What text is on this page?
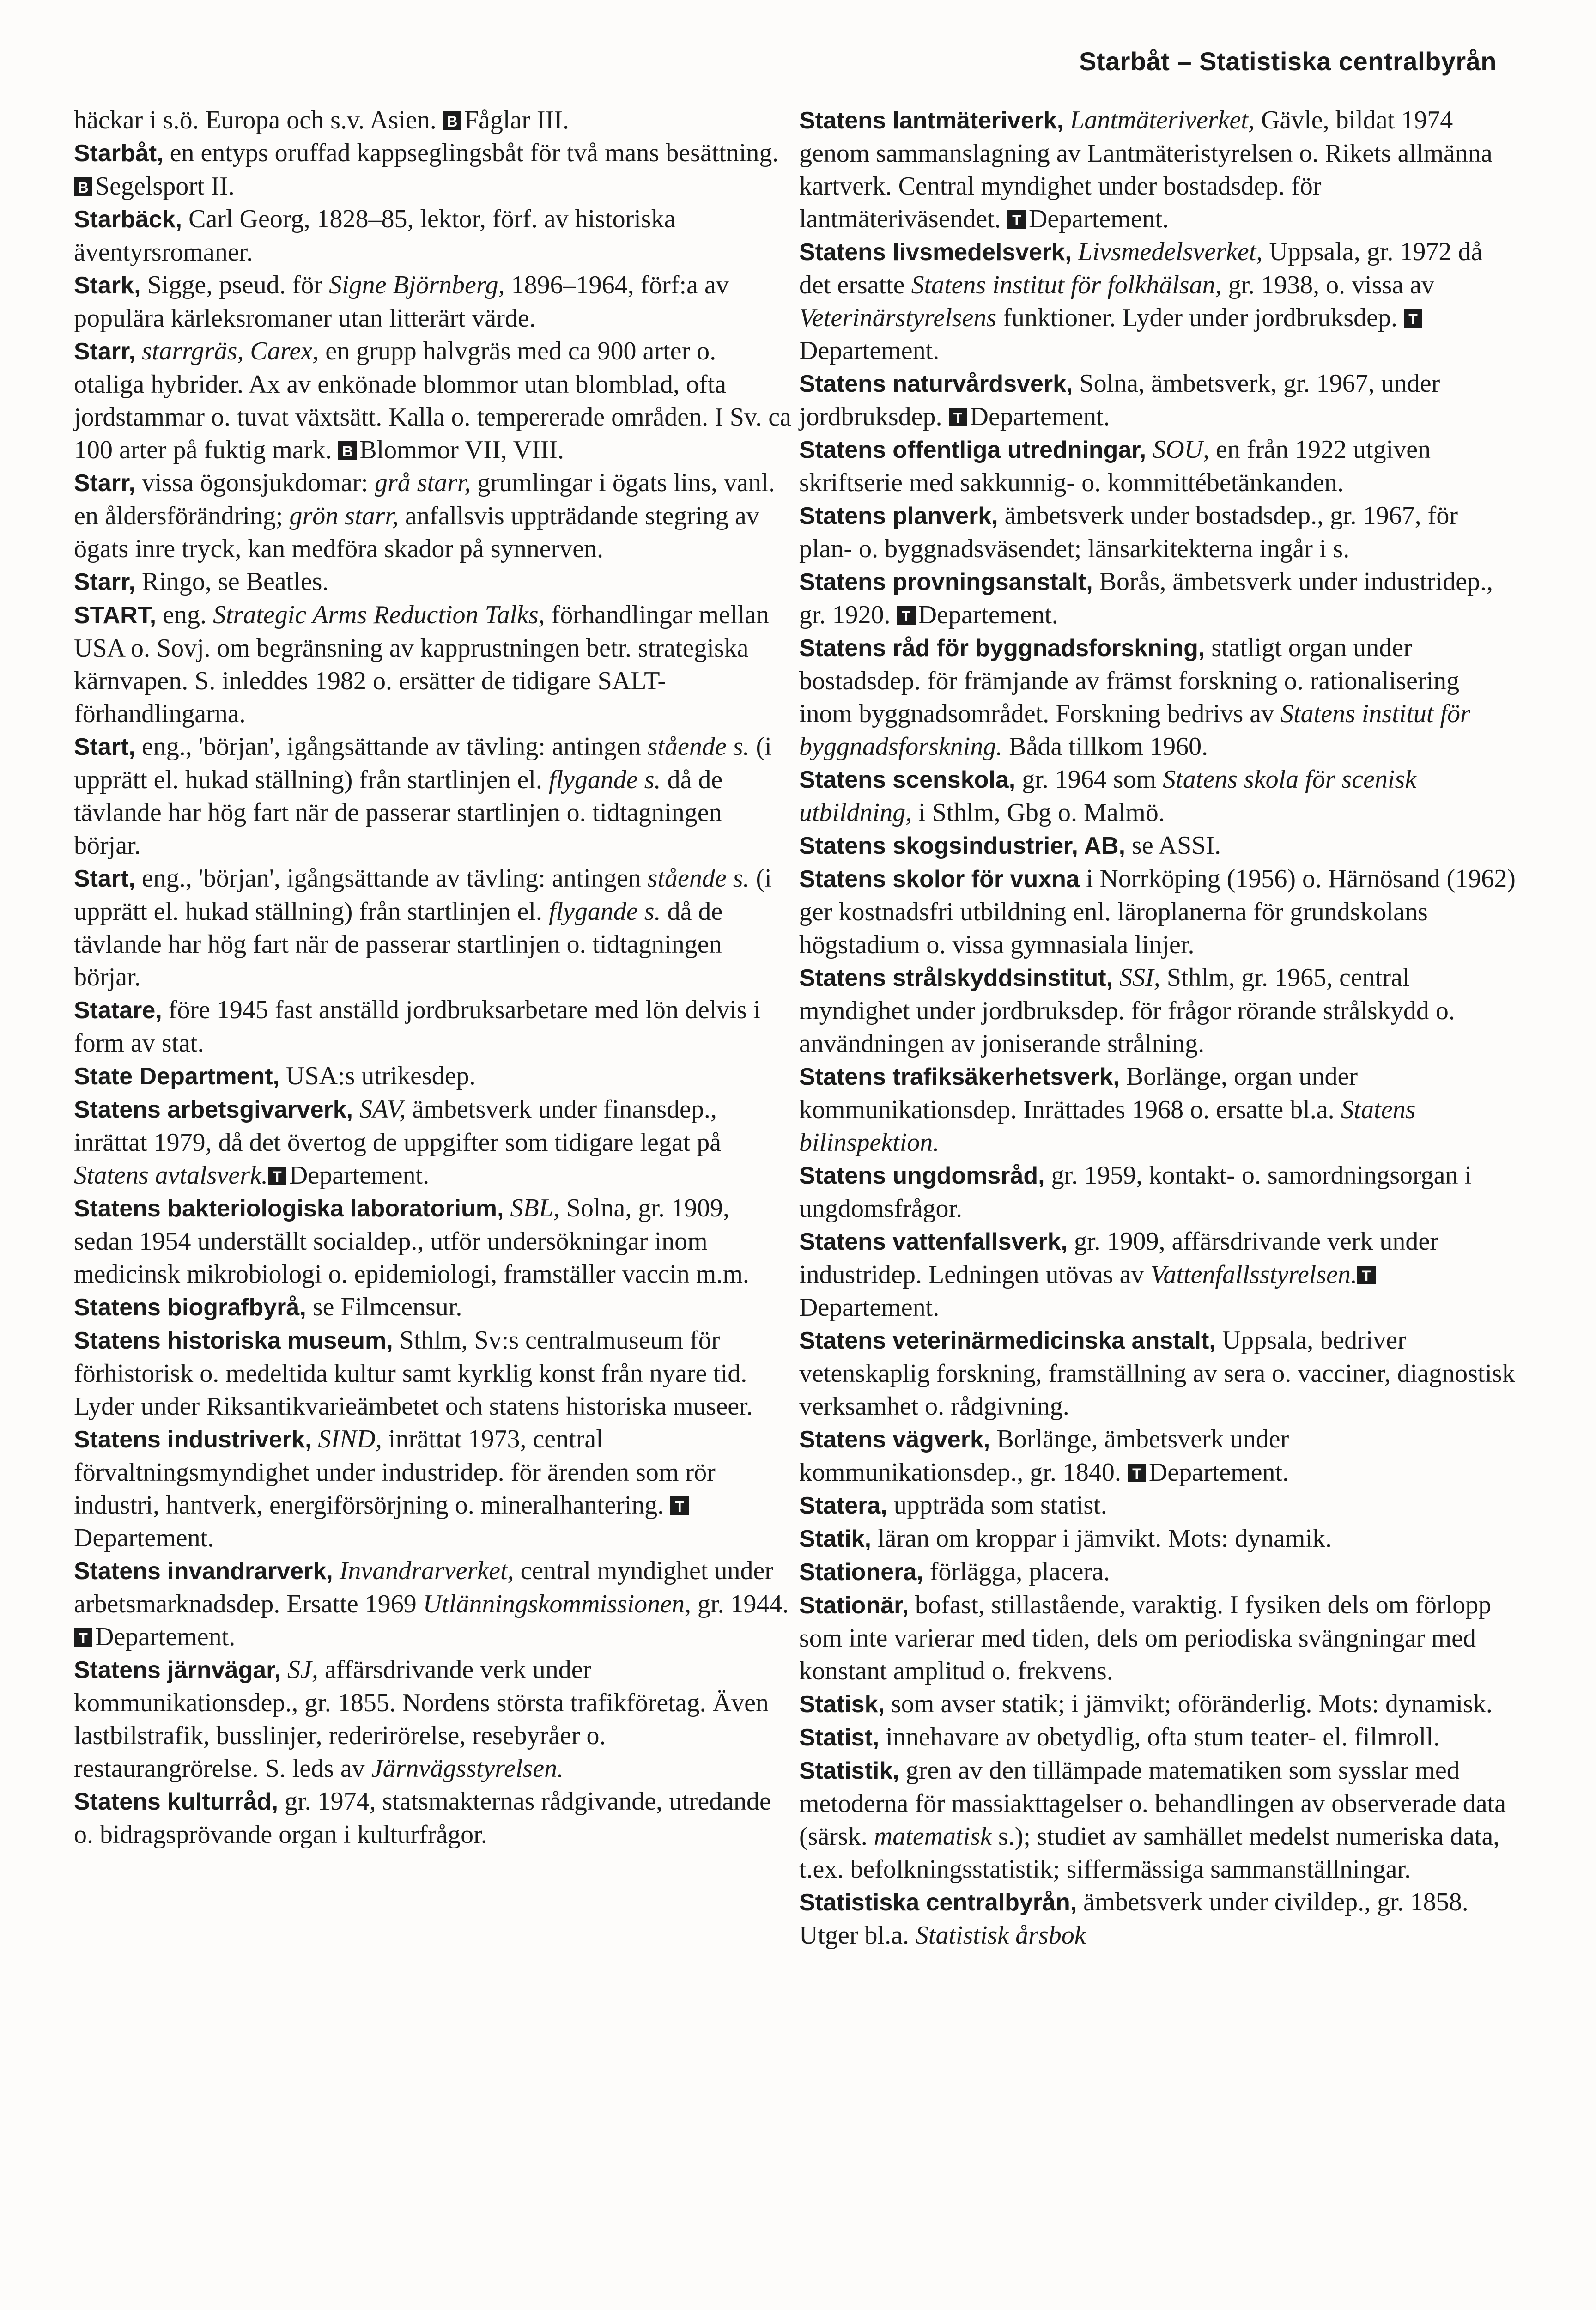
Starbåt – Statistiska centralbyrån

häckar i s.ö. Europa och s.v. Asien. B Fåglar III.

Starbåt, en entyps oruffad kappseglingsbåt för två mans besättning. B Segelsport II.

Starbäck, Carl Georg, 1828–85, lektor, förf. av historiska äventyrsromaner.

Stark, Sigge, pseud. för Signe Björnberg, 1896–1964, förf:a av populära kärleksromaner utan litterärt värde.

Starr, starrgräs, Carex, en grupp halvgräs med ca 900 arter o. otaliga hybrider. Ax av enkönade blommor utan blomblad, ofta jordstammar o. tuvat växtsätt. Kalla o. tempererade områden. I Sv. ca 100 arter på fuktig mark. B Blommor VII, VIII.

Starr, vissa ögonsjukdomar: grå starr, grumlingar i ögats lins, vanl. en åldersförändring; grön starr, anfallsvis uppträdande stegring av ögats inre tryck, kan medföra skador på synnerven.

Starr, Ringo, se Beatles.

START, eng. Strategic Arms Reduction Talks, förhandlingar mellan USA o. Sovj. om begränsning av kapprustningen betr. strategiska kärnvapen. S. inleddes 1982 o. ersätter de tidigare SALT-förhandlingarna.

Start, eng., 'början', igångsättande av tävling: antingen stående s. (i upprätt el. hukad ställning) från startlinjen el. flygande s. då de tävlande har hög fart när de passerar startlinjen o. tidtagningen börjar.

Start, eng., 'början', igångsättande av tävling: antingen stående s. (i upprätt el. hukad ställning) från startlinjen el. flygande s. då de tävlande har hög fart när de passerar startlinjen o. tidtagningen börjar.

Statare, före 1945 fast anställd jordbruksarbetare med lön delvis i form av stat.

State Department, USA:s utrikesdep.

Statens arbetsgivarverk, SAV, ämbetsverk under finansdep., inrättat 1979, då det övertog de uppgifter som tidigare legat på Statens avtalsverk. T Departement.

Statens bakteriologiska laboratorium, SBL, Solna, gr. 1909, sedan 1954 underställt socialdep., utför undersökningar inom medicinsk mikrobiologi o. epidemiologi, framställer vaccin m.m.

Statens biografbyrå, se Filmcensur.

Statens historiska museum, Sthlm, Sv:s centralmuseum för förhistorisk o. medeltida kultur samt kyrklig konst från nyare tid. Lyder under Riksantikvarieämbetet och statens historiska museer.

Statens industriverk, SIND, inrättat 1973, central förvaltningsmyndighet under industridep. för ärenden som rör industri, hantverk, energiförsörjning o. mineralhantering. TDepartement.

Statens invandrarverk, Invandrarverket, central myndighet under arbetsmarknadsdep. Ersatte 1969 Utlänningskommissionen, gr. 1944. T Departement.

Statens järnvägar, SJ, affärsdrivande verk under kommunikationsdep., gr. 1855. Nordens största trafikföretag. Även lastbilstrafik, busslinjer, rederirörelse, resebyråer o. restaurangrörelse. S. leds av Järnvägsstyrelsen.

Statens kulturråd, gr. 1974, statsmakternas rådgivande, utredande o. bidragsprövande organ i kulturfrågor.

Statens lantmäteriverk, Lantmäteriverket, Gävle, bildat 1974 genom sammanslagning av Lantmäteristyrelsen o. Rikets allmänna kartverk. Central myndighet under bostadsdep. för lantmäteriväsendet. T Departement.

Statens livsmedelsverk, Livsmedelsverket, Uppsala, gr. 1972 då det ersatte Statens institut för folkhälsan, gr. 1938, o. vissa av Veterinärstyrelsens funktioner. Lyder under jordbruksdep. TDepartement.

Statens naturvårdsverk, Solna, ämbetsverk, gr. 1967, under jordbruksdep. T Departement.

Statens offentliga utredningar, SOU, en från 1922 utgiven skriftserie med sakkunnig- o. kommittébetänkanden.

Statens planverk, ämbetsverk under bostadsdep., gr. 1967, för plan- o. byggnadsväsendet; länsarkitekterna ingår i s.

Statens provningsanstalt, Borås, ämbetsverk under industridep., gr. 1920. T Departement.

Statens råd för byggnadsforskning, statligt organ under bostadsdep. för främjande av främst forskning o. rationalisering inom byggnadsområdet. Forskning bedrivs av Statens institut för byggnadsforskning. Båda tillkom 1960.

Statens scenskola, gr. 1964 som Statens skola för scenisk utbildning, i Sthlm, Gbg o. Malmö.

Statens skogsindustrier, AB, se ASSI.

Statens skolor för vuxna i Norrköping (1956) o. Härnösand (1962) ger kostnadsfri utbildning enl. läroplanerna för grundskolans högstadium o. vissa gymnasiala linjer.

Statens strålskyddsinstitut, SSI, Sthlm, gr. 1965, central myndighet under jordbruksdep. för frågor rörande strålskydd o. användningen av joniserande strålning.

Statens trafiksäkerhetsverk, Borlänge, organ under kommunikationsdep. Inrättades 1968 o. ersatte bl.a. Statens bilinspektion.

Statens ungdomsråd, gr. 1959, kontakt- o. samordningsorgan i ungdomsfrågor.

Statens vattenfallsverk, gr. 1909, affärsdrivande verk under industridep. Ledningen utövas av Vattenfallsstyrelsen. TDepartement.

Statens veterinärmedicinska anstalt, Uppsala, bedriver vetenskaplig forskning, framställning av sera o. vacciner, diagnostisk verksamhet o. rådgivning.

Statens vägverk, Borlänge, ämbetsverk under kommunikationsdep., gr. 1840. T Departement.

Statera, uppträda som statist.

Statik, läran om kroppar i jämvikt. Mots: dynamik.

Stationera, förlägga, placera.

Stationär, bofast, stillastående, varaktig. I fysiken dels om förlopp som inte varierar med tiden, dels om periodiska svängningar med konstant amplitud o. frekvens.

Statisk, som avser statik; i jämvikt; oföränderlig. Mots: dynamisk.

Statist, innehavare av obetydlig, ofta stum teater- el. filmroll.

Statistik, gren av den tillämpade matematiken som sysslar med metoderna för massiakttagelser o. behandlingen av observerade data (särsk. matematisk s.); studiet av samhället medelst numeriska data, t.ex. befolkningsstatistik; siffermässiga sammanställningar.

Statistiska centralbyrån, ämbetsverk under civildep., gr. 1858. Utger bl.a. Statistisk årsbok
